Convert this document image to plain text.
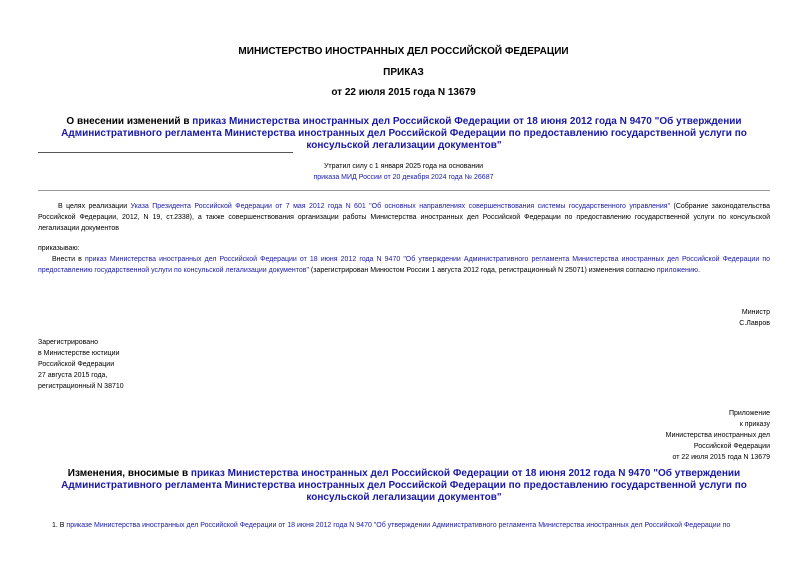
МИНИСТЕРСТВО ИНОСТРАННЫХ ДЕЛ РОССИЙСКОЙ ФЕДЕРАЦИИ
ПРИКАЗ
от 22 июля 2015 года N 13679
О внесении изменений в приказ Министерства иностранных дел Российской Федерации от 18 июня 2012 года N 9470 "Об утверждении Административного регламента Министерства иностранных дел Российской Федерации по предоставлению государственной услуги по консульской легализации документов"
Утратил силу с 1 января 2025 года на основании
приказа МИД России от 20 декабря 2024 года № 26687
В целях реализации Указа Президента Российской Федерации от 7 мая 2012 года N 601 "Об основных направлениях совершенствования системы государственного управления" (Собрание законодательства Российской Федерации, 2012, N 19, ст.2338), а также совершенствования организации работы Министерства иностранных дел Российской Федерации по предоставлению государственной услуги по консульской легализации документов
приказываю:
Внести в приказ Министерства иностранных дел Российской Федерации от 18 июня 2012 года N 9470 "Об утверждении Административного регламента Министерства иностранных дел Российской Федерации по предоставлению государственной услуги по консульской легализации документов" (зарегистрирован Минюстом России 1 августа 2012 года, регистрационный N 25071) изменения согласно приложению.
Министр
С.Лавров
Зарегистрировано
в Министерстве юстиции
Российской Федерации
27 августа 2015 года,
регистрационный N 38710
Приложение
к приказу
Министерства иностранных дел
Российской Федерации
от 22 июля 2015 года N 13679
Изменения, вносимые в приказ Министерства иностранных дел Российской Федерации от 18 июня 2012 года N 9470 "Об утверждении Административного регламента Министерства иностранных дел Российской Федерации по предоставлению государственной услуги по консульской легализации документов"
1. В приказе Министерства иностранных дел Российской Федерации от 18 июня 2012 года N 9470 "Об утверждении Административного регламента Министерства иностранных дел Российской Федерации по
